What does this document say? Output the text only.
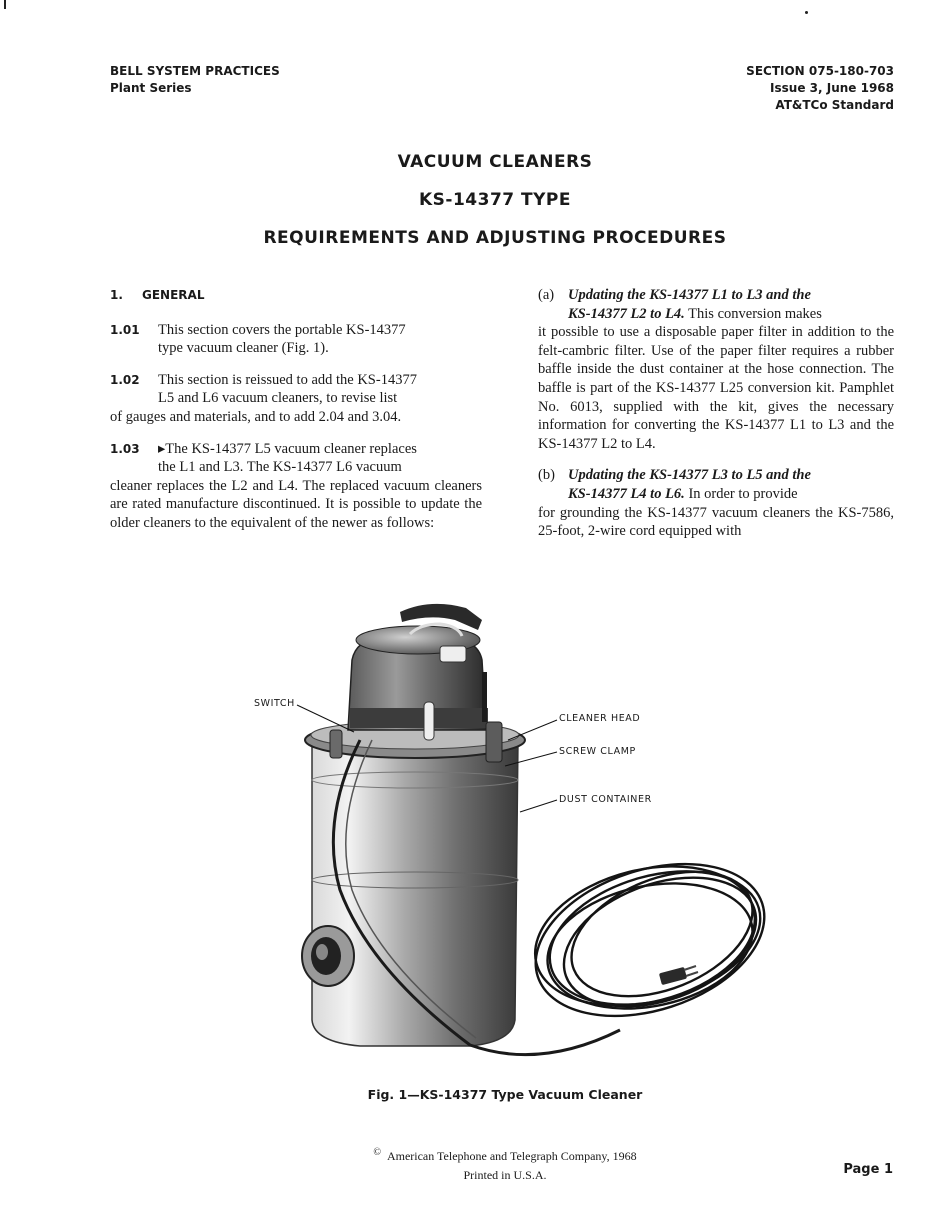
BELL SYSTEM PRACTICES
Plant Series
SECTION 075-180-703
Issue 3, June 1968
AT&TCo Standard
VACUUM CLEANERS
KS-14377 TYPE
REQUIREMENTS AND ADJUSTING PROCEDURES
1. GENERAL
1.01 This section covers the portable KS-14377
type vacuum cleaner (Fig. 1).
1.02 This section is reissued to add the KS-14377
L5 and L6 vacuum cleaners, to revise list
of gauges and materials, and to add 2.04 and 3.04.
1.03 ▸The KS-14377 L5 vacuum cleaner replaces
the L1 and L3. The KS-14377 L6 vacuum
cleaner replaces the L2 and L4. The replaced vacuum cleaners are rated manufacture discontinued. It is possible to update the older cleaners to the equivalent of the newer as follows:
(a) Updating the KS-14377 L1 to L3 and the
KS-14377 L2 to L4. This conversion makes
it possible to use a disposable paper filter in addition to the felt-cambric filter. Use of the paper filter requires a rubber baffle inside the dust container at the hose connection. The baffle is part of the KS-14377 L25 conversion kit. Pamphlet No. 6013, supplied with the kit, gives the necessary information for converting the KS-14377 L1 to L3 and the KS-14377 L2 to L4.
(b) Updating the KS-14377 L3 to L5 and the
KS-14377 L4 to L6. In order to provide
for grounding the KS-14377 vacuum cleaners the KS-7586, 25-foot, 2-wire cord equipped with
SWITCH
CLEANER HEAD
SCREW CLAMP
DUST CONTAINER
Fig. 1—KS-14377 Type Vacuum Cleaner
© American Telephone and Telegraph Company, 1968
Printed in U.S.A.	Page 1
